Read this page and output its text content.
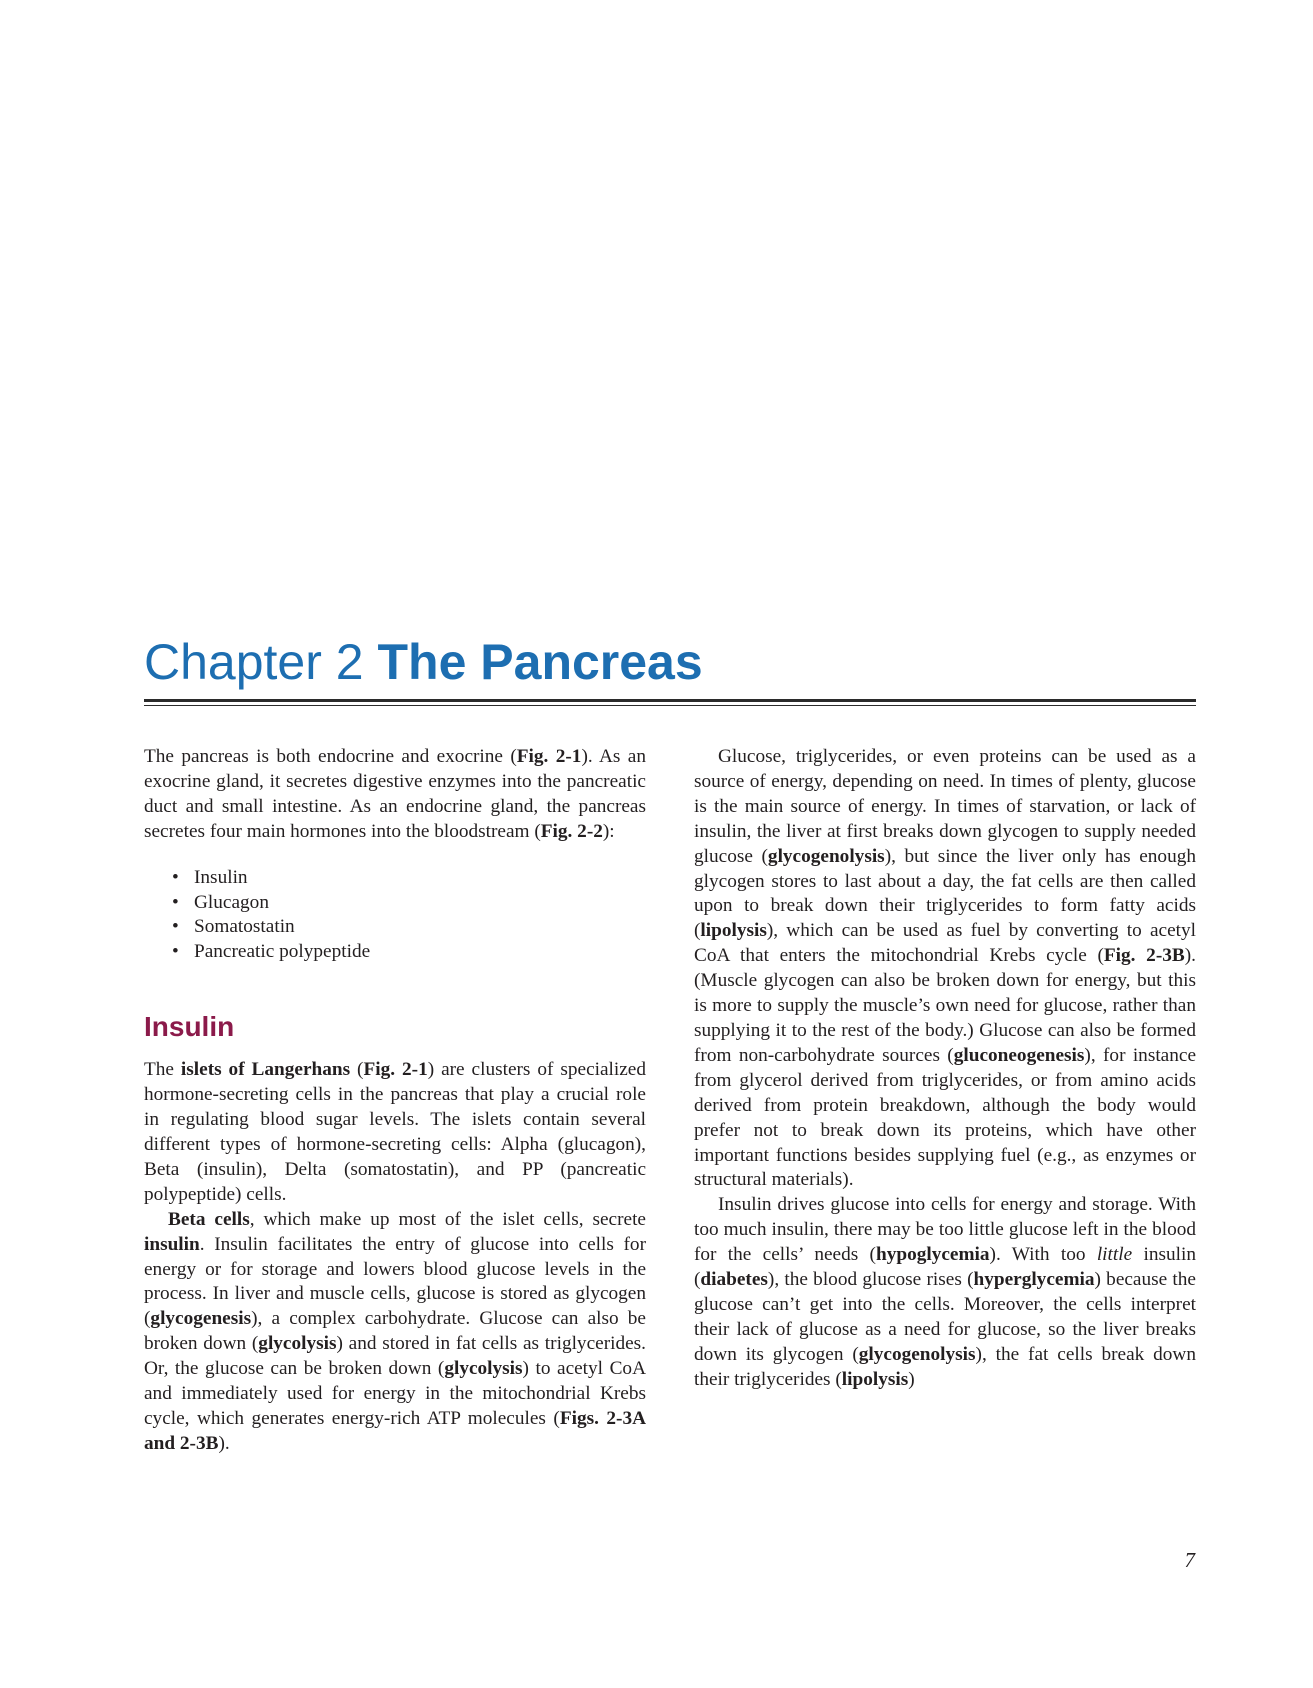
Chapter 2 The Pancreas

The pancreas is both endocrine and exocrine (Fig. 2-1). As an exocrine gland, it secretes digestive enzymes into the pancreatic duct and small intestine. As an endocrine gland, the pancreas secretes four main hormones into the bloodstream (Fig. 2-2):

• Insulin
• Glucagon
• Somatostatin
• Pancreatic polypeptide
Insulin

The islets of Langerhans (Fig. 2-1) are clusters of specialized hormone-secreting cells in the pancreas that play a crucial role in regulating blood sugar levels. The islets contain several different types of hormone-secreting cells: Alpha (glucagon), Beta (insulin), Delta (somatostatin), and PP (pancreatic polypeptide) cells.

Beta cells, which make up most of the islet cells, secrete insulin. Insulin facilitates the entry of glucose into cells for energy or for storage and lowers blood glucose levels in the process. In liver and muscle cells, glucose is stored as glycogen (glycogenesis), a complex carbohydrate. Glucose can also be broken down (glycolysis) and stored in fat cells as triglycerides. Or, the glucose can be broken down (glycolysis) to acetyl CoA and immediately used for energy in the mitochondrial Krebs cycle, which generates energy-rich ATP molecules (Figs. 2-3A and 2-3B).

Glucose, triglycerides, or even proteins can be used as a source of energy, depending on need. In times of plenty, glucose is the main source of energy. In times of starvation, or lack of insulin, the liver at first breaks down glycogen to supply needed glucose (glycogenolysis), but since the liver only has enough glycogen stores to last about a day, the fat cells are then called upon to break down their triglycerides to form fatty acids (lipolysis), which can be used as fuel by converting to acetyl CoA that enters the mitochondrial Krebs cycle (Fig. 2-3B). (Muscle glycogen can also be broken down for energy, but this is more to supply the muscle’s own need for glucose, rather than supplying it to the rest of the body.) Glucose can also be formed from non-carbohydrate sources (gluconeogenesis), for instance from glycerol derived from triglycerides, or from amino acids derived from protein breakdown, although the body would prefer not to break down its proteins, which have other important functions besides supplying fuel (e.g., as enzymes or structural materials).

Insulin drives glucose into cells for energy and storage. With too much insulin, there may be too little glucose left in the blood for the cells’ needs (hypoglycemia). With too little insulin (diabetes), the blood glucose rises (hyperglycemia) because the glucose can’t get into the cells. Moreover, the cells interpret their lack of glucose as a need for glucose, so the liver breaks down its glycogen (glycogenolysis), the fat cells break down their triglycerides (lipolysis)

7
